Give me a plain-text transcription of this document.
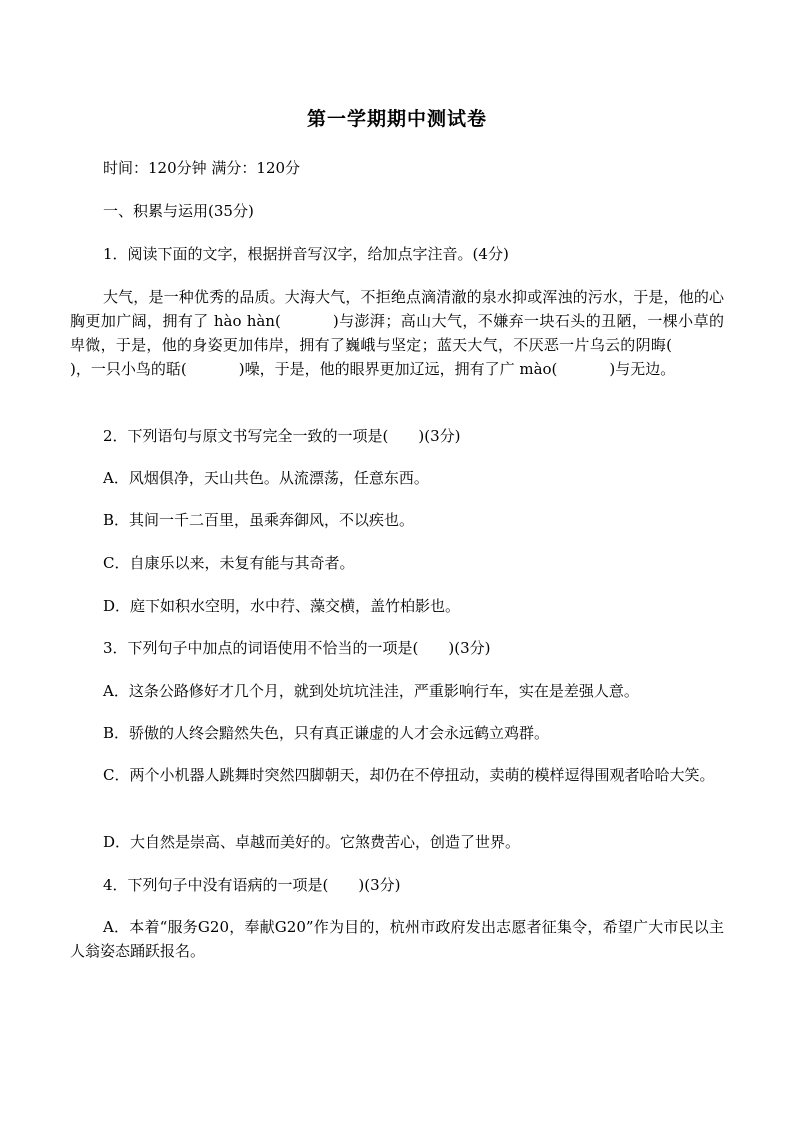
第一学期期中测试卷
时间：120分钟 满分：120分
一、积累与运用(35分)
1．阅读下面的文字，根据拼音写汉字，给加点字注音。(4分)
大气，是一种优秀的品质。大海大气，不拒绝点滴清澈的泉水抑或浑浊的污水，于是，他的心胸更加广阔，拥有了 hào hàn(	)与澎湃；高山大气，不嫌弃一块石头的丑陋，一棵小草的卑微，于是，他的身姿更加伟岸，拥有了巍峨与坚定；蓝天大气，不厌恶一片乌云的阴晦()，一只小鸟的聒(	)噪，于是，他的眼界更加辽远，拥有了广 mào(	)与无边。
2．下列语句与原文书写完全一致的一项是(　　)(3分)
A．风烟俱净，天山共色。从流漂荡，任意东西。
B．其间一千二百里，虽乘奔御风，不以疾也。
C．自康乐以来，未复有能与其奇者。
D．庭下如积水空明，水中荇、藻交横，盖竹柏影也。
3．下列句子中加点的词语使用不恰当的一项是(　　)(3分)
A．这条公路修好才几个月，就到处坑坑洼洼，严重影响行车，实在是差强人意。
B．骄傲的人终会黯然失色，只有真正谦虚的人才会永远鹤立鸡群。
C．两个小机器人跳舞时突然四脚朝天，却仍在不停扭动，卖萌的模样逗得围观者哈哈大笑。
D．大自然是崇高、卓越而美好的。它煞费苦心，创造了世界。
4．下列句子中没有语病的一项是(　　)(3分)
A．本着“服务G20，奉献G20”作为目的，杭州市政府发出志愿者征集令，希望广大市民以主人翁姿态踊跃报名。
